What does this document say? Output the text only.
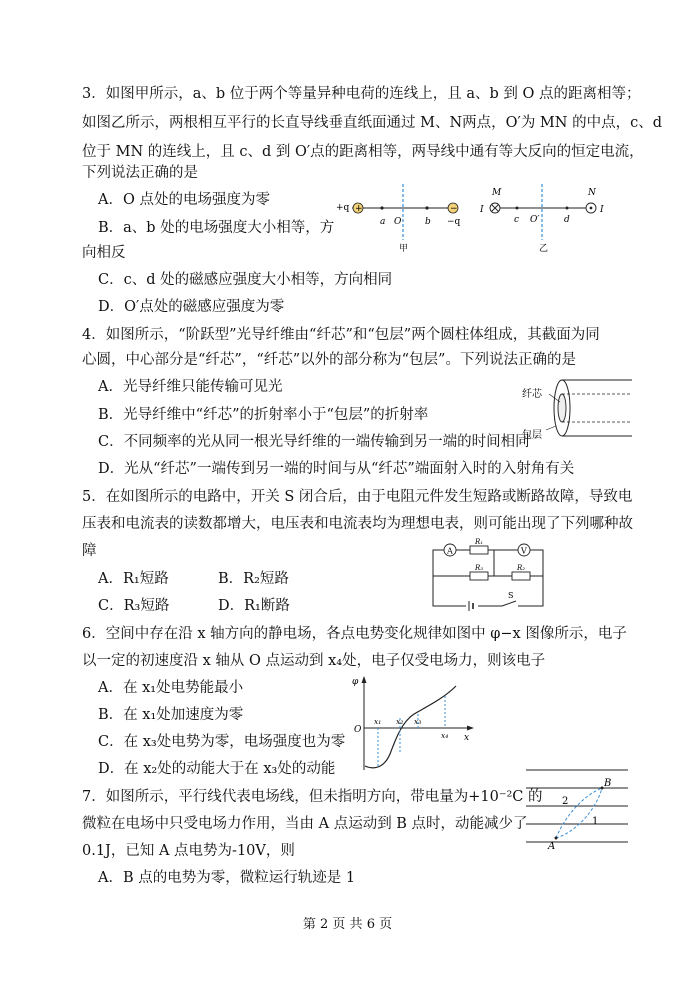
3．如图甲所示，a、b 位于两个等量异种电荷的连线上，且 a、b 到 O 点的距离相等；
如图乙所示，两根相互平行的长直导线垂直纸面通过 M、N两点，O′为 MN 的中点，c、d
位于 MN 的连线上，且 c、d 到 O′点的距离相等，两导线中通有等大反向的恒定电流，
下列说法正确的是
A．O 点处的电场强度为零
B．a、b 处的电场强度大小相等，方
向相反
C．c、d 处的磁感应强度大小相等，方向相同
D．O′点处的磁感应强度为零
+	−
+q
a O	b −q
甲
M	N
I	I
c O′	d
乙
4．如图所示，“阶跃型”光导纤维由“纤芯”和“包层”两个圆柱体组成，其截面为同
心圆，中心部分是“纤芯”，“纤芯”以外的部分称为“包层”。下列说法正确的是
A．光导纤维只能传输可见光
B．光导纤维中“纤芯”的折射率小于“包层”的折射率
C．不同频率的光从同一根光导纤维的一端传输到另一端的时间相同
D．光从“纤芯”一端传到另一端的时间与从“纤芯”端面射入时的入射角有关
纤芯
包层
5．在如图所示的电路中，开关 S 闭合后，由于电阻元件发生短路或断路故障，导致电
压表和电流表的读数都增大，电压表和电流表均为理想电表，则可能出现了下列哪种故
障
A．R₁短路	B．R₂短路
C．R₃短路	D．R₁断路
A
R₁
V
R₃	R₂
S
6．空间中存在沿 x 轴方向的静电场，各点电势变化规律如图中 φ−x 图像所示，电子
以一定的初速度沿 x 轴从 O 点运动到 x₄处，电子仅受电场力，则该电子
A．在 x₁处电势能最小
B．在 x₁处加速度为零
C．在 x₃处电势为零，电场强度也为零
D．在 x₂处的动能大于在 x₃处的动能
φ
O
x
x₁ x₂ x₃
x₄
7．如图所示，平行线代表电场线，但未指明方向，带电量为+10⁻²C 的
微粒在电场中只受电场力作用，当由 A 点运动到 B 点时，动能减少了
0.1J，已知 A 点电势为-10V，则
A．B 点的电势为零，微粒运行轨迹是 1
A
B
2
1
第 2 页 共 6 页
